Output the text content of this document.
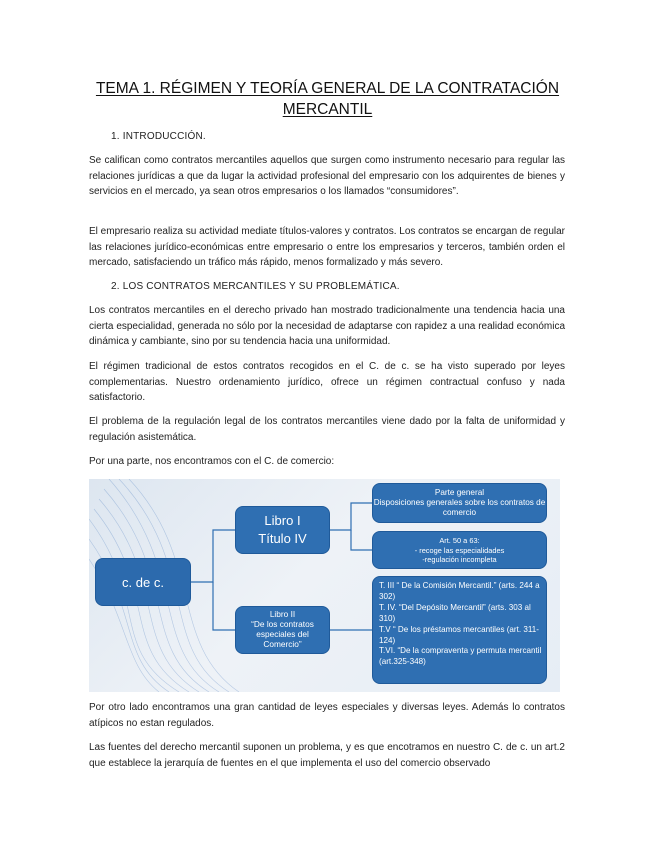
TEMA 1. RÉGIMEN Y TEORÍA GENERAL DE LA CONTRATACIÓN MERCANTIL
1. INTRODUCCIÓN.
Se califican como contratos mercantiles aquellos que surgen como instrumento necesario para regular las relaciones jurídicas a que da lugar la actividad profesional del empresario con los adquirentes de bienes y servicios en el mercado, ya sean otros empresarios o los llamados “consumidores”.
El empresario realiza su actividad mediate títulos-valores y contratos. Los contratos se encargan de regular las relaciones jurídico-económicas entre empresario o entre los empresarios y terceros, también orden el mercado, satisfaciendo un tráfico más rápido, menos formalizado y más severo.
2. LOS CONTRATOS MERCANTILES Y SU PROBLEMÁTICA.
Los contratos mercantiles en el derecho privado han mostrado tradicionalmente una tendencia hacia una cierta especialidad, generada no sólo por la necesidad de adaptarse con rapidez a una realidad económica dinámica y cambiante, sino por su tendencia hacia una uniformidad.
El régimen tradicional de estos contratos recogidos en el C. de c. se ha visto superado por leyes complementarias. Nuestro ordenamiento jurídico, ofrece un régimen contractual confuso y nada satisfactorio.
El problema de la regulación legal de los contratos mercantiles viene dado por la falta de uniformidad y regulación asistemática.
Por una parte, nos encontramos con el C. de comercio:
c. de c.
Libro I
Título IV
Libro II
“De los contratos especiales del Comercio”
Parte general
Disposiciones generales sobre los contratos de comercio
Art. 50 a 63:
- recoge las especialidades
-regulación incompleta
T. III “ De la Comisión Mercantil.” (arts. 244 a 302)
T. IV. “Del Depósito Mercantil” (arts. 303 al 310)
T.V “ De los préstamos mercantiles (art. 311-124)
T.VI. “De la compraventa y permuta mercantil (art.325-348)
Por otro lado encontramos una gran cantidad de leyes especiales y diversas leyes. Además lo contratos atípicos no estan regulados.
Las fuentes del derecho mercantil suponen un problema, y es que encotramos en nuestro C. de c. un art.2 que establece la jerarquía de fuentes en el que implementa el uso del comercio observado
